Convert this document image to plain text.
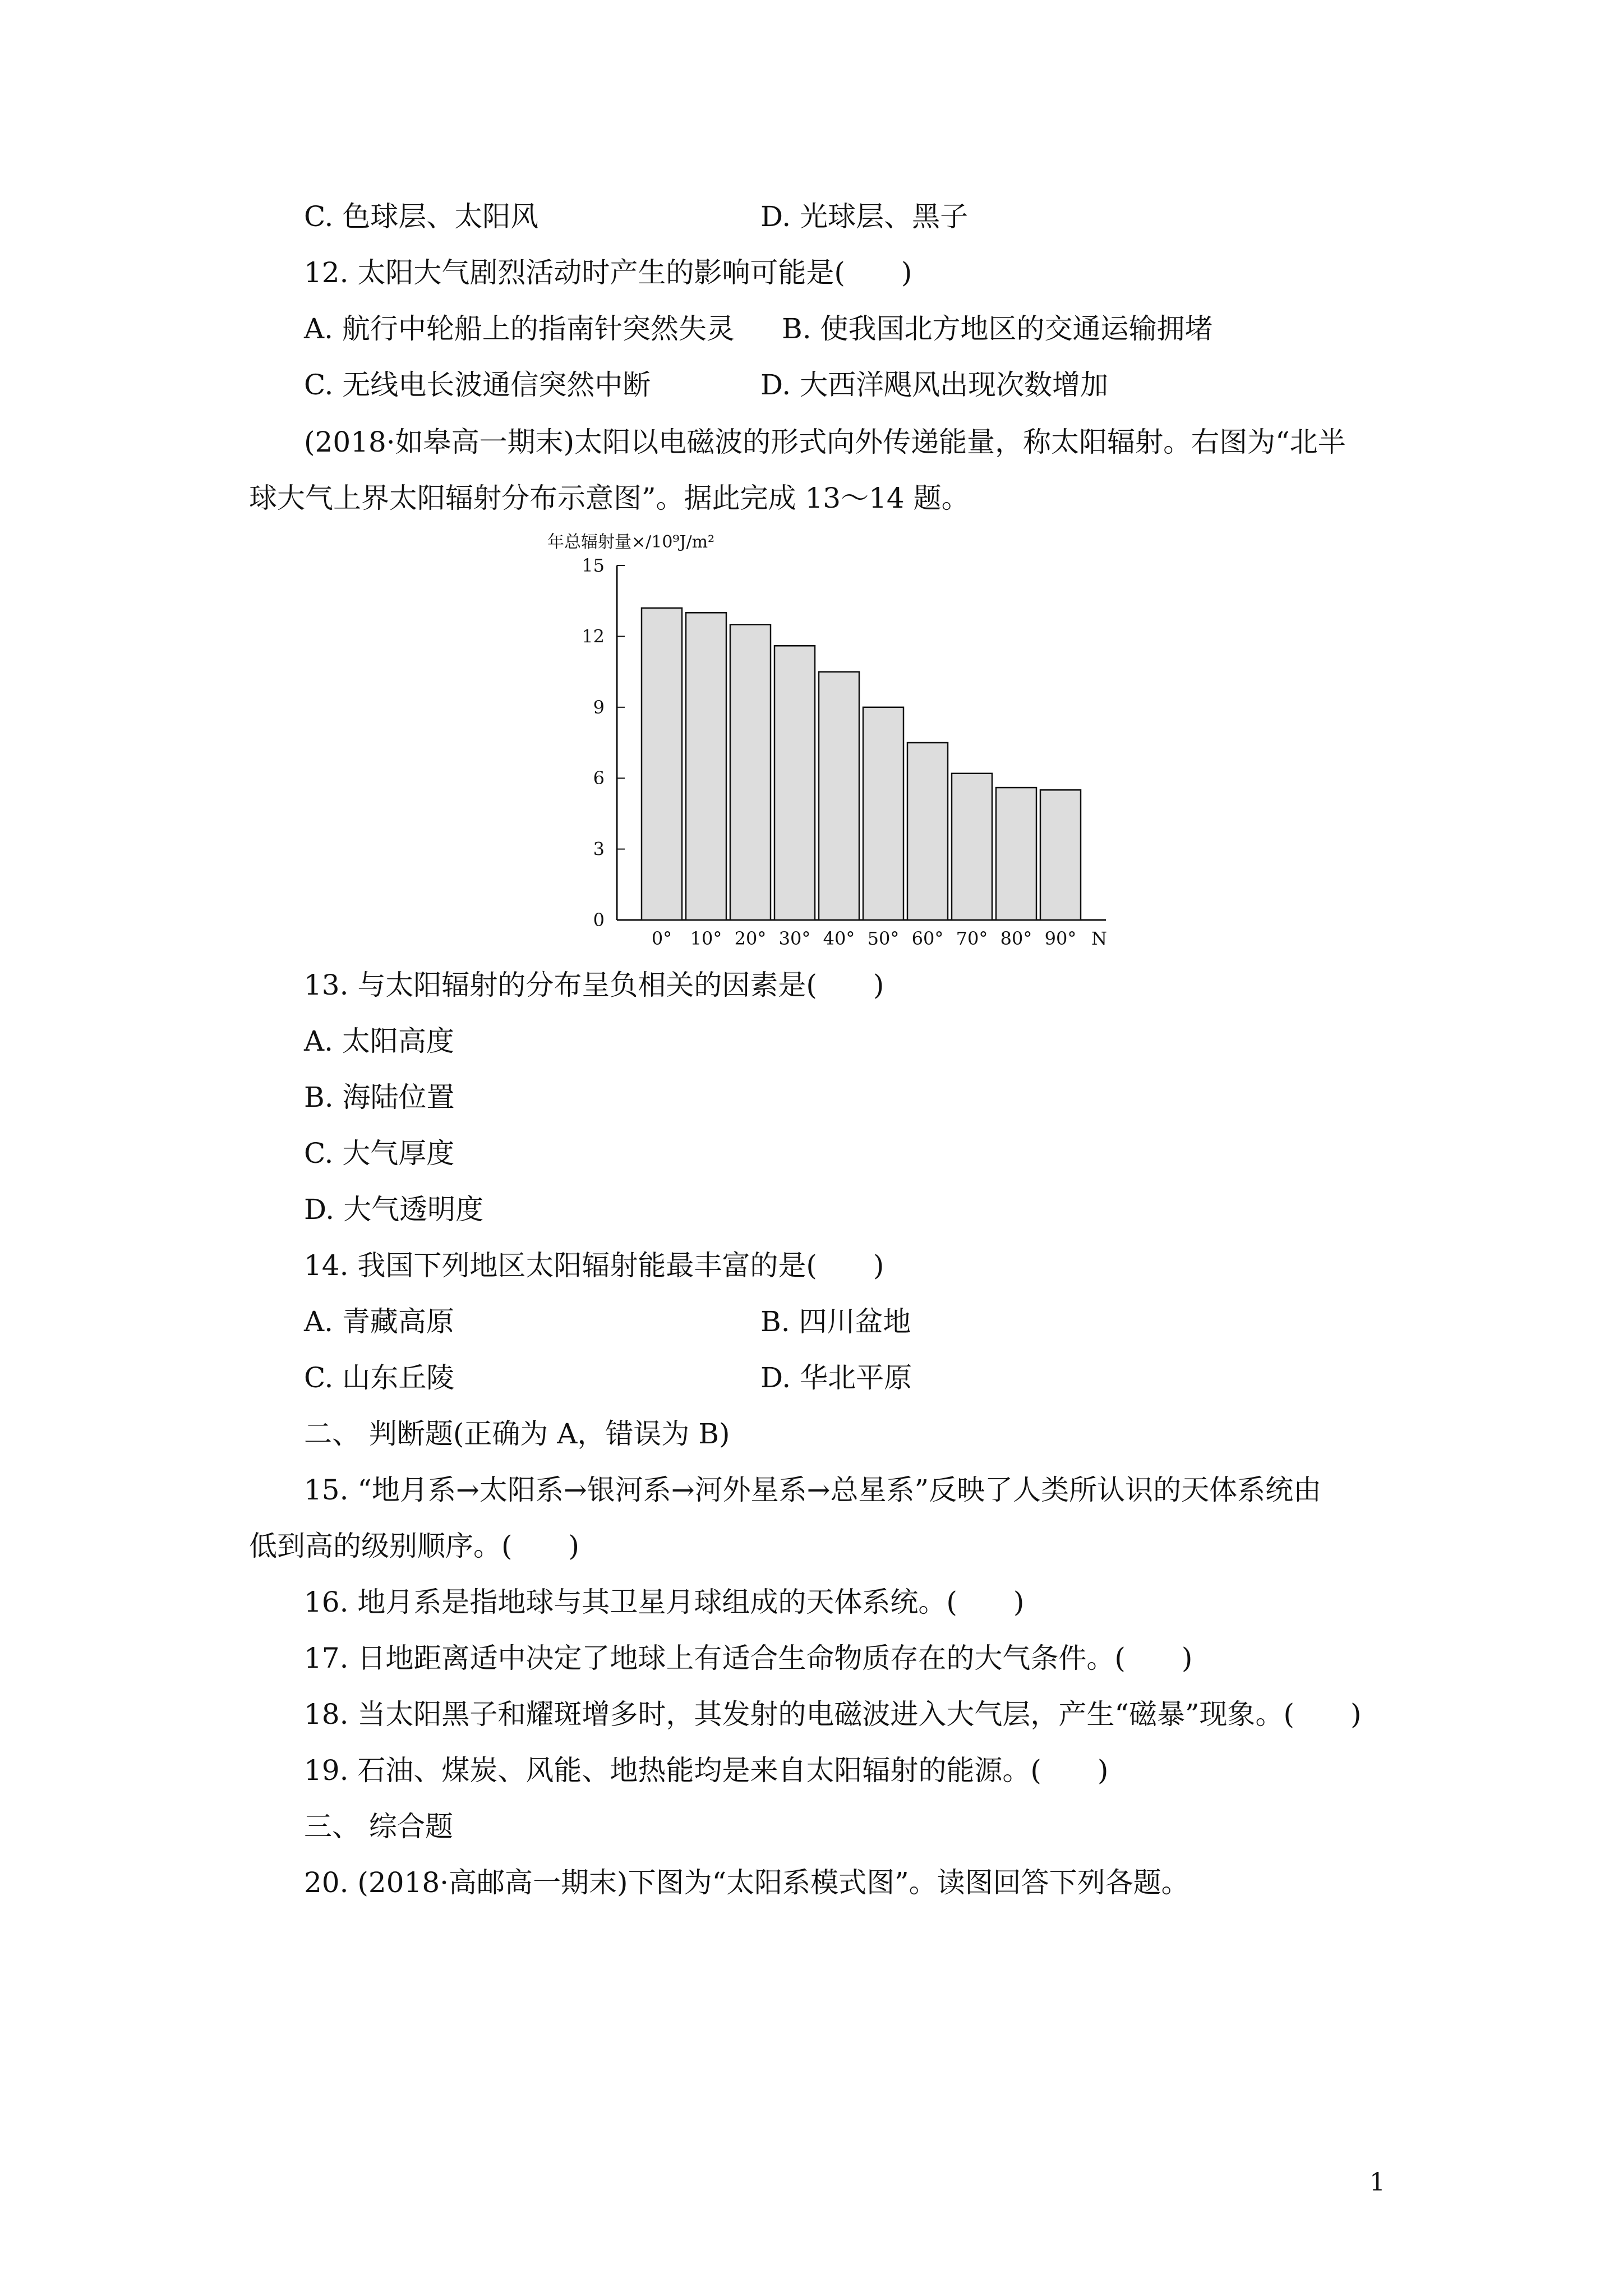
C. 色球层、太阳风	D. 光球层、黑子
12. 太阳大气剧烈活动时产生的影响可能是(　　)
A. 航行中轮船上的指南针突然失灵 B. 使我国北方地区的交通运输拥堵
C. 无线电长波通信突然中断	D. 大西洋飓风出现次数增加
(2018·如皋高一期末)太阳以电磁波的形式向外传递能量，称太阳辐射。右图为“北半
球大气上界太阳辐射分布示意图”。据此完成 13～14 题。
年总辐射量×/10⁹J/m²
0
3
6
9
12
15
0° 10° 20° 30° 40° 50° 60° 70° 80° 90° N
13. 与太阳辐射的分布呈负相关的因素是(　　)
A. 太阳高度
B. 海陆位置
C. 大气厚度
D. 大气透明度
14. 我国下列地区太阳辐射能最丰富的是(　　)
A. 青藏高原	B. 四川盆地
C. 山东丘陵	D. 华北平原
二、 判断题(正确为 A，错误为 B)
15. “地月系→太阳系→银河系→河外星系→总星系”反映了人类所认识的天体系统由
低到高的级别顺序。(　　)
16. 地月系是指地球与其卫星月球组成的天体系统。(　　)
17. 日地距离适中决定了地球上有适合生命物质存在的大气条件。(　　)
18. 当太阳黑子和耀斑增多时，其发射的电磁波进入大气层，产生“磁暴”现象。(　　)
19. 石油、煤炭、风能、地热能均是来自太阳辐射的能源。(　　)
三、 综合题
20. (2018·高邮高一期末)下图为“太阳系模式图”。读图回答下列各题。
1
